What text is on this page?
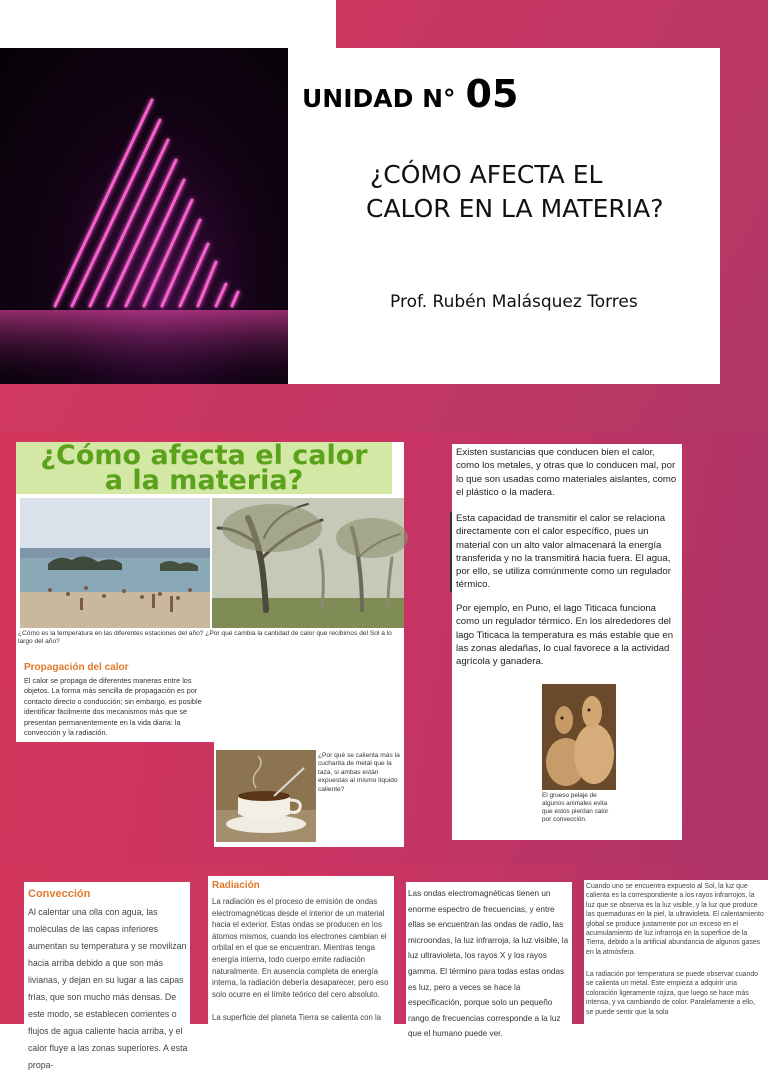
UNIDAD N° 05
¿CÓMO AFECTA EL
CALOR EN LA MATERIA?
Prof. Rubén Malásquez Torres
¿Cómo afecta el calor
a la materia?
¿Cómo es la temperatura en las diferentes estaciones del año? ¿Por qué cambia la cantidad de calor que recibimos del Sol a lo largo del año?
Propagación del calor
El calor se propaga de diferentes maneras entre los objetos. La forma más sencilla de propagación es por contacto directo o conducción; sin embargo, es posible identificar fácilmente dos mecanismos más que se presentan permanentemente en la vida diaria: la convección y la radiación.
¿Por qué se calienta más la cucharita de metal que la taza, si ambas están expuestas al mismo líquido caliente?
Existen sustancias que conducen bien el calor, como los metales, y otras que lo conducen mal, por lo que son usadas como materiales aislantes, como el plástico o la madera.
Esta capacidad de transmitir el calor se relaciona directamente con el calor específico, pues un material con un alto valor almacenará la energía transferida y no la transmitirá hacia fuera. El agua, por ello, se utiliza comúnmente como un regulador térmico.
Por ejemplo, en Puno, el lago Titicaca funciona como un regulador térmico. En los alrededores del lago Titicaca la temperatura es más estable que en las zonas aledañas, lo cual favorece a la actividad agrícola y ganadera.
El grueso pelaje de algunos animales evita que estos pierdan calor por convección.
Convección
Al calentar una olla con agua, las moléculas de las capas inferiores aumentan su temperatura y se movilizan hacia arriba debido a que son más livianas, y dejan en su lugar a las capas frías, que son mucho más densas. De este modo, se establecen corrientes o flujos de agua caliente hacia arriba, y el calor fluye a las zonas superiores. A esta propa-
Radiación
La radiación es el proceso de emisión de ondas electromagnéticas desde el interior de un material hacia el exterior. Estas ondas se producen en los átomos mismos, cuando los electrones cambian el orbital en el que se encuentran. Mientras tenga energía interna, todo cuerpo emite radiación naturalmente. En ausencia completa de energía interna, la radiación debería desaparecer, pero eso solo ocurre en el límite teórico del cero absoluto.
La superficie del planeta Tierra se calienta con la
Las ondas electromagnéticas tienen un enorme espectro de frecuencias, y entre ellas se encuentran las ondas de radio, las microondas, la luz infrarroja, la luz visible, la luz ultravioleta, los rayos X y los rayos gamma. El término para todas estas ondas es luz, pero a veces se hace la especificación, porque solo un pequeño rango de frecuencias corresponde a la luz que el humano puede ver.
Cuando uno se encuentra expuesto al Sol, la luz que calienta es la correspondiente a los rayos infrarrojos, la luz que se observa es la luz visible, y la luz que produce las quemaduras en la piel, la ultravioleta. El calentamiento global se produce justamente por un exceso en el acumulamiento de luz infrarroja en la superficie de la Tierra, debido a la artificial abundancia de algunos gases en la atmósfera.
La radiación por temperatura se puede observar cuando se calienta un metal. Este empieza a adquirir una coloración ligeramente rojiza, que luego se hace más intensa, y va cambiando de color. Paralelamente a ello, se puede sentir que la sola
